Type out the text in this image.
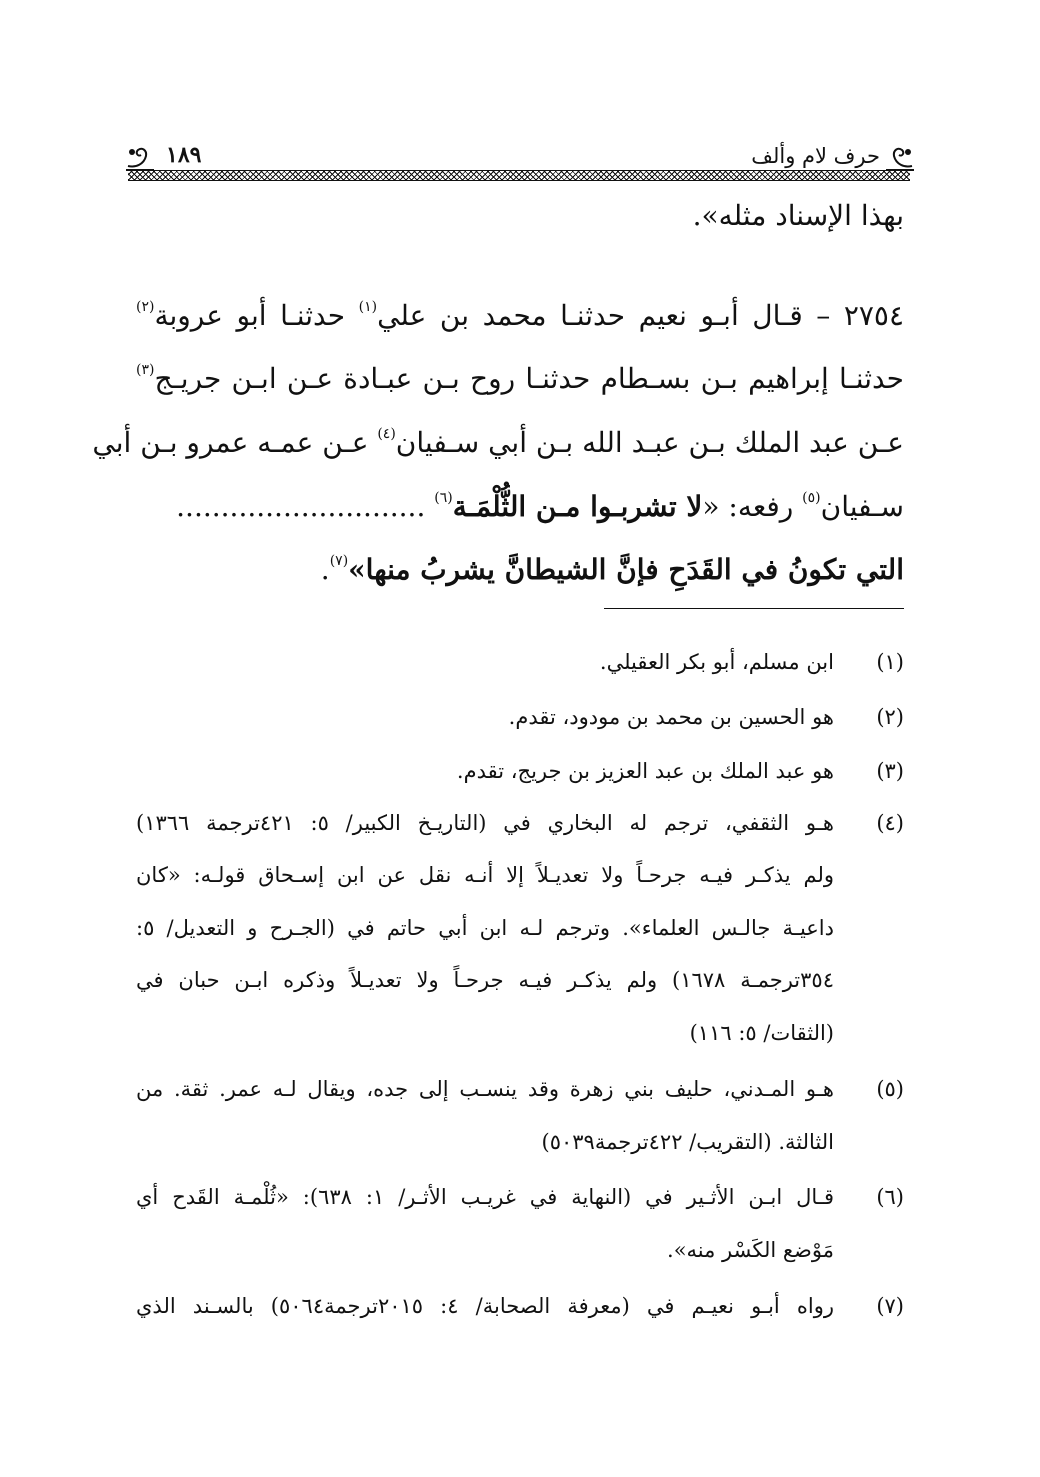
حرف لام وألف
١٨٩
بهذا الإسناد مثله».
٢٧٥٤ – قـال أبـو نعيم حدثنـا محمد بن علي$^{(١)}$ حدثنـا أبو عروبة$^{(٢)}$
حدثنـا إبراهيم بـن بسـطام حدثنـا روح بـن عبـادة عـن ابـن جريـج$^{(٣)}$
عـن عبد الملك بـن عبـد الله بـن أبي سـفيان$^{(٤)}$ عـن عمـه عمرو بـن أبي
سـفيان$^{(٥)}$ رفعه: «لا تشربـوا مـن الثُّلْمَـة$^{(٦)}$ ............................
التي تكونُ في القَدَحِ فإنَّ الشيطانَّ يشربُ منها»$^{(٧)}$.
(١)
ابن مسلم، أبو بكر العقيلي.
(٢)
هو الحسين بن محمد بن مودود، تقدم.
(٣)
هو عبد الملك بن عبد العزيز بن جريج، تقدم.
(٤)
هـو الثقفي، ترجم له البخاري في (التاريـخ الكبير/ ٥: ٤٢١ترجمة ١٣٦٦)
ولم يذكـر فيـه جرحـاً ولا تعديـلاً إلا أنـه نقل عن ابن إسـحاق قولـه: «كان
داعيـة جالـس العلماء». وترجم لـه ابن أبي حاتم في (الجـرح و التعديل/ ٥:
٣٥٤ترجمـة ١٦٧٨) ولم يذكـر فيـه جرحـاً ولا تعديـلاً وذكره ابـن حبان في
(الثقات/ ٥: ١١٦)
(٥)
هـو المـدني، حليف بني زهرة وقد ينسـب إلى جده، ويقال لـه عمر. ثقة. من
الثالثة. (التقريب/ ٤٢٢ترجمة٥٠٣٩)
(٦)
قـال ابـن الأثـير في (النهاية في غريـب الأثـر/ ١: ٦٣٨): «ثُلْمـة القَدح أي
مَوْضع الكَسْر منه».
(٧)
رواه أبـو نعيـم في (معرفة الصحابة/ ٤: ٢٠١٥ترجمة٥٠٦٤) بالسـند الذي
